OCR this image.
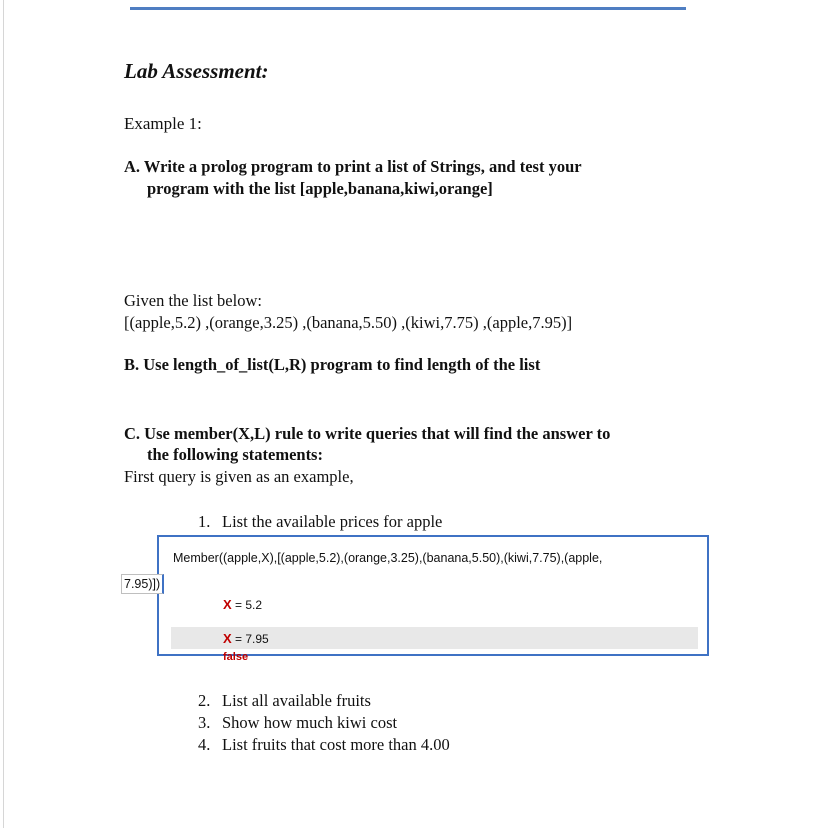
Lab Assessment:
Example 1:
A. Write a prolog program to print a list of Strings, and test your
program with the list [apple,banana,kiwi,orange]
Given the list below:
[(apple,5.2) ,(orange,3.25) ,(banana,5.50) ,(kiwi,7.75) ,(apple,7.95)]
B. Use length_of_list(L,R) program to find length of the list
C. Use member(X,L) rule to write queries that will find the answer to
the following statements:
First query is given as an example,
1. List the available prices for apple
Member((apple,X),[(apple,5.2),(orange,3.25),(banana,5.50),(kiwi,7.75),(apple,
X = 5.2
X = 7.95
false
7.95)])
2. List all available fruits
3. Show how much kiwi cost
4. List fruits that cost more than 4.00
